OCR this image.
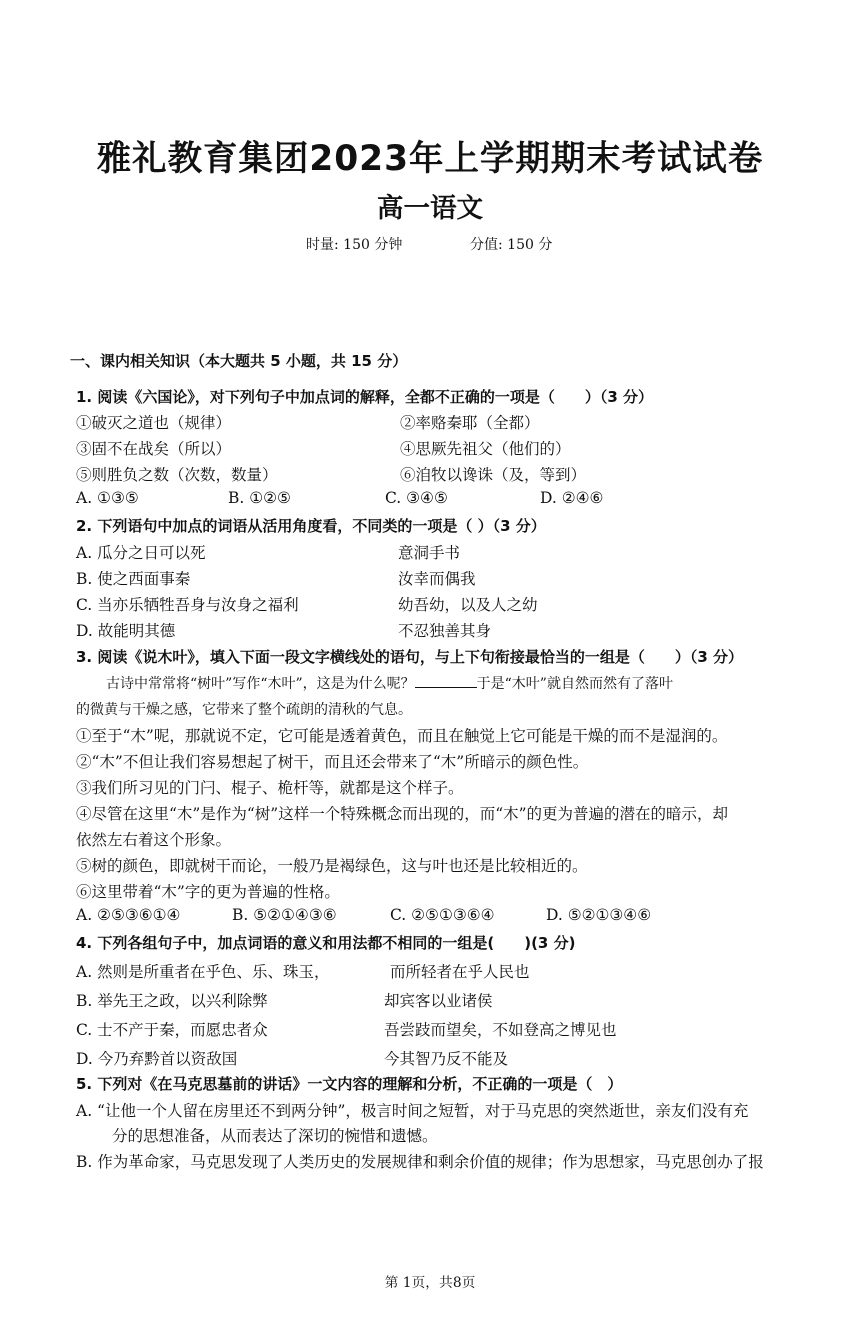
雅礼教育集团2023年上学期期末考试试卷
高一语文
时量: 150 分钟	分值: 150 分
一、课内相关知识（本大题共 5 小题，共 15 分）
1. 阅读《六国论》，对下列句子中加点词的解释，全都不正确的一项是（　　）（3 分）
①破灭之道也（规律）	②率赂秦耶（全都）
③固不在战矣（所以）	④思厥先祖父（他们的）
⑤则胜负之数（次数，数量）	⑥洎牧以谗诛（及，等到）
A. ①③⑤	B. ①②⑤	C. ③④⑤	D. ②④⑥
2. 下列语句中加点的词语从活用角度看，不同类的一项是（ ）（3 分）
A. 瓜分之日可以死	意洞手书
B. 使之西面事秦	汝幸而偶我
C. 当亦乐牺牲吾身与汝身之福利	幼吾幼，以及人之幼
D. 故能明其德	不忍独善其身
3. 阅读《说木叶》，填入下面一段文字横线处的语句，与上下句衔接最恰当的一组是（　　）（3 分）
古诗中常常将“树叶”写作“木叶”，这是为什么呢？	于是“木叶”就自然而然有了落叶
的微黄与干燥之感，它带来了整个疏朗的清秋的气息。
①至于“木”呢，那就说不定，它可能是透着黄色，而且在触觉上它可能是干燥的而不是湿润的。
②“木”不但让我们容易想起了树干，而且还会带来了“木”所暗示的颜色性。
③我们所习见的门闩、棍子、桅杆等，就都是这个样子。
④尽管在这里“木”是作为“树”这样一个特殊概念而出现的，而“木”的更为普遍的潜在的暗示，却
依然左右着这个形象。
⑤树的颜色，即就树干而论，一般乃是褐绿色，这与叶也还是比较相近的。
⑥这里带着“木”字的更为普遍的性格。
A. ②⑤③⑥①④	B. ⑤②①④③⑥	C. ②⑤①③⑥④	D. ⑤②①③④⑥
4. 下列各组句子中，加点词语的意义和用法都不相同的一组是(　　)(3 分)
A. 然则是所重者在乎色、乐、珠玉，	而所轻者在乎人民也
B. 举先王之政，以兴利除弊	却宾客以业诸侯
C. 士不产于秦，而愿忠者众	吾尝跂而望矣，不如登高之博见也
D. 今乃弃黔首以资敌国	今其智乃反不能及
5. 下列对《在马克思墓前的讲话》一文内容的理解和分析，不正确的一项是（　）
A. “让他一个人留在房里还不到两分钟”，极言时间之短暂，对于马克思的突然逝世，亲友们没有充
分的思想准备，从而表达了深切的惋惜和遗憾。
B. 作为革命家，马克思发现了人类历史的发展规律和剩余价值的规律；作为思想家，马克思创办了报
第 1页，共8页
